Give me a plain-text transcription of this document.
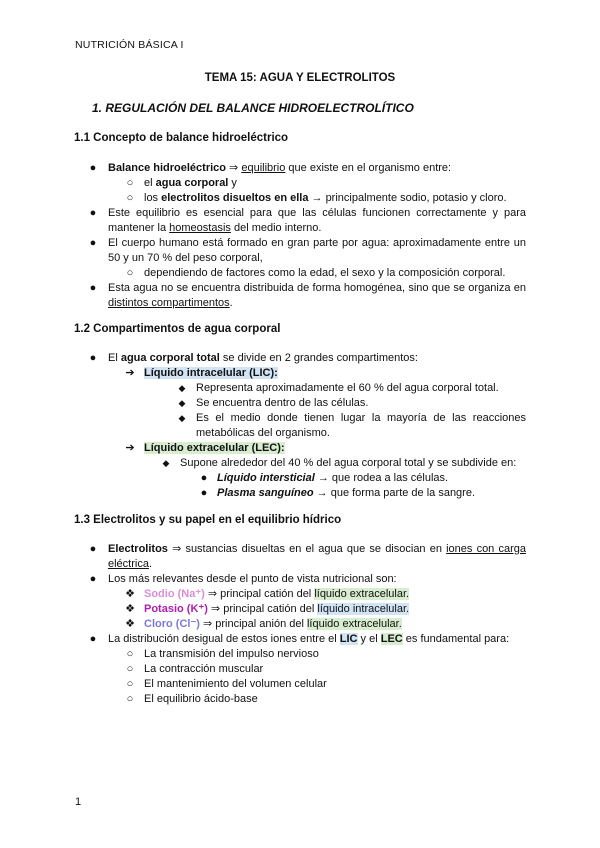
NUTRICIÓN BÁSICA I
TEMA 15: AGUA Y ELECTROLITOS
1. REGULACIÓN DEL BALANCE HIDROELECTROLÍTICO
1.1 Concepto de balance hidroeléctrico
●	Balance hidroeléctrico ⇒ equilibrio que existe en el organismo entre:
○ el agua corporal y
○ los electrolitos disueltos en ella → principalmente sodio, potasio y cloro.
●	Este equilibrio es esencial para que las células funcionen correctamente y para
mantener la homeostasis del medio interno.
●	El cuerpo humano está formado en gran parte por agua: aproximadamente entre un
50 y un 70 % del peso corporal,
○ dependiendo de factores como la edad, el sexo y la composición corporal.
●	Esta agua no se encuentra distribuida de forma homogénea, sino que se organiza en
distintos compartimentos.
1.2 Compartimentos de agua corporal
●	El agua corporal total se divide en 2 grandes compartimentos:
➔ Líquido intracelular (LIC):
◆ Representa aproximadamente el 60 % del agua corporal total.
◆ Se encuentra dentro de las células.
◆ Es el medio donde tienen lugar la mayoría de las reacciones
metabólicas del organismo.
➔ Líquido extracelular (LEC):
◆ Supone alrededor del 40 % del agua corporal total y se subdivide en:
● Líquido intersticial → que rodea a las células.
● Plasma sanguíneo → que forma parte de la sangre.
1.3 Electrolitos y su papel en el equilibrio hídrico
●	Electrolitos ⇒ sustancias disueltas en el agua que se disocian en iones con carga
eléctrica.
●	Los más relevantes desde el punto de vista nutricional son:
❖ Sodio (Na⁺) ⇒ principal catión del líquido extracelular.
❖ Potasio (K⁺) ⇒ principal catión del líquido intracelular.
❖ Cloro (Cl⁻) ⇒ principal anión del líquido extracelular.
●	La distribución desigual de estos iones entre el LIC y el LEC es fundamental para:
○ La transmisión del impulso nervioso
○ La contracción muscular
○ El mantenimiento del volumen celular
○ El equilibrio ácido-base
1
